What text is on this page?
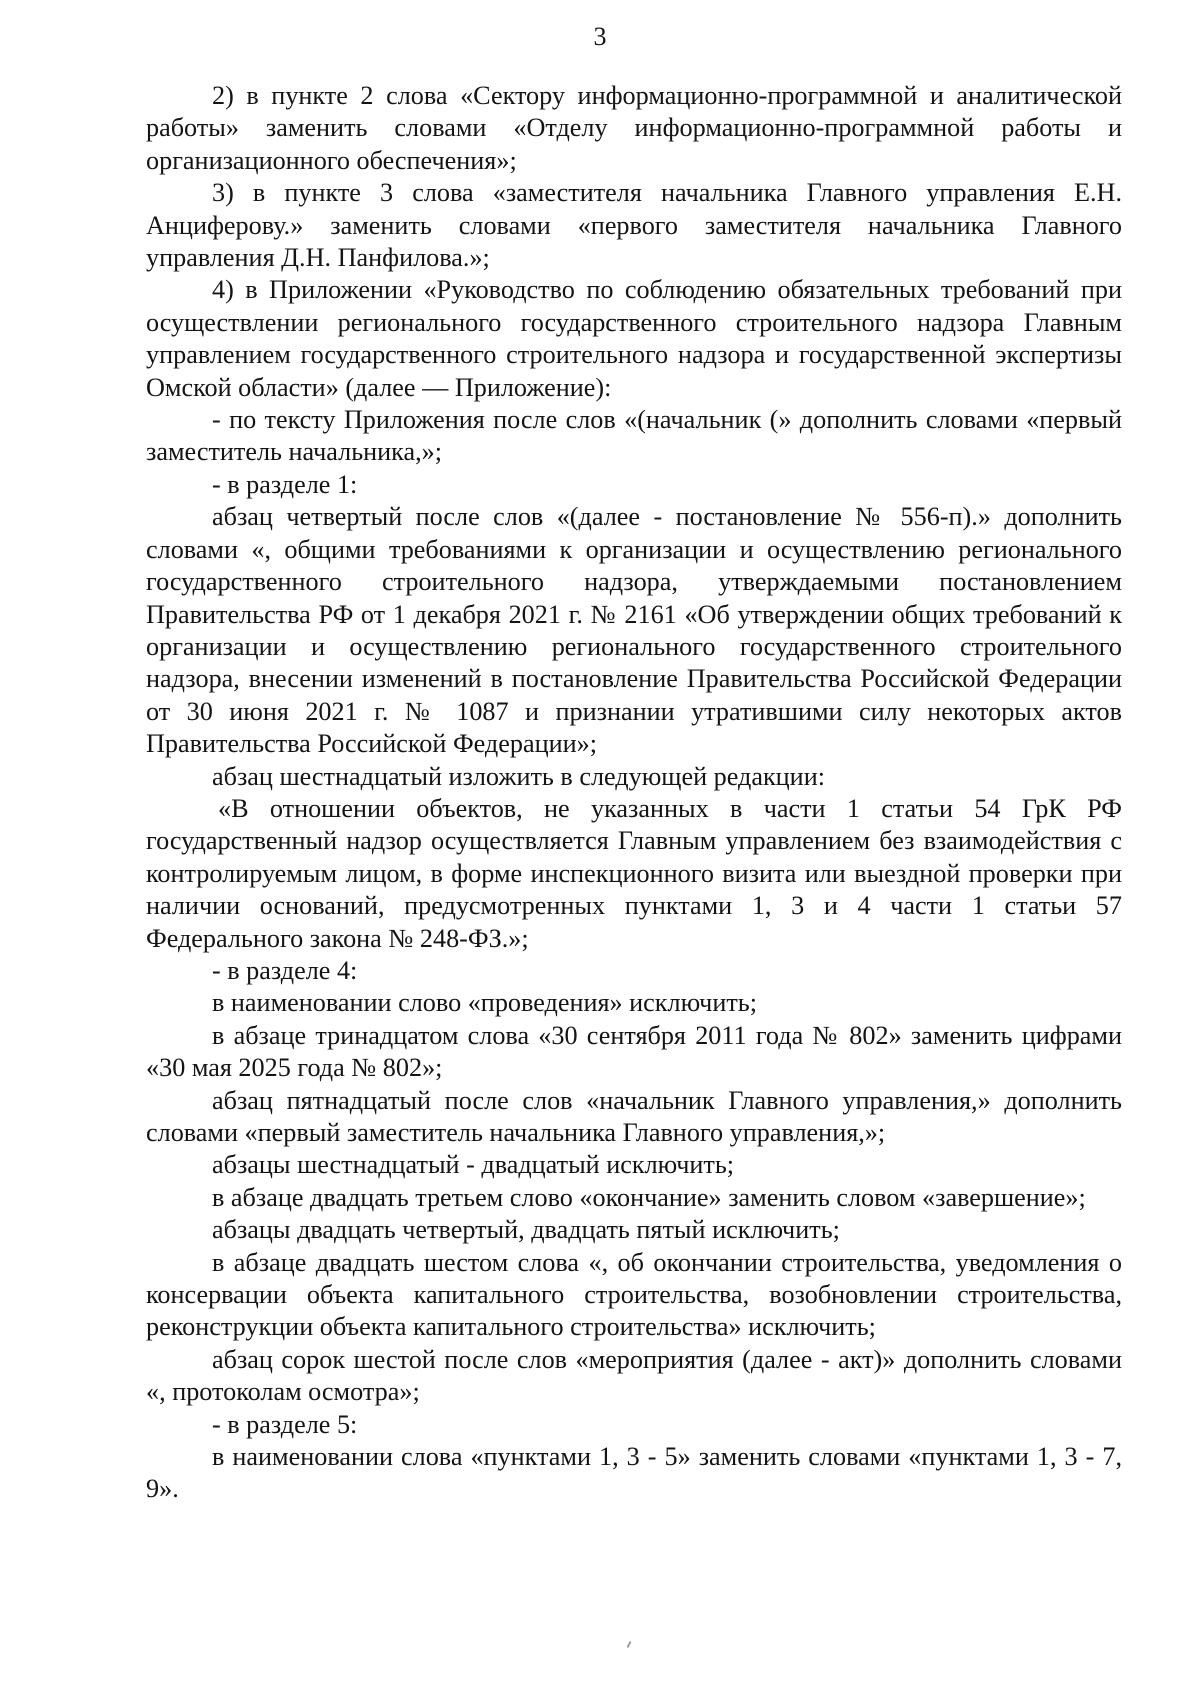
3

2) в пункте 2 слова «Сектору информационно-программной и аналитической работы» заменить словами «Отделу информационно-программной работы и организационного обеспечения»;

3) в пункте 3 слова «заместителя начальника Главного управления Е.Н. Анциферову.» заменить словами «первого заместителя начальника Главного управления Д.Н. Панфилова.»;

4) в Приложении «Руководство по соблюдению обязательных требований при осуществлении регионального государственного строительного надзора Главным управлением государственного строительного надзора и государственной экспертизы Омской области» (далее — Приложение):

- по тексту Приложения после слов «(начальник (» дополнить словами «первый заместитель начальника,»;

- в разделе 1:

абзац четвертый после слов «(далее - постановление № 556-п).» дополнить словами «, общими требованиями к организации и осуществлению регионального государственного строительного надзора, утверждаемыми постановлением Правительства РФ от 1 декабря 2021 г. № 2161 «Об утверждении общих требований к организации и осуществлению регионального государственного строительного надзора, внесении изменений в постановление Правительства Российской Федерации от 30 июня 2021 г. № 1087 и признании утратившими силу некоторых актов Правительства Российской Федерации»;

абзац шестнадцатый изложить в следующей редакции:

«В отношении объектов, не указанных в части 1 статьи 54 ГрК РФ государственный надзор осуществляется Главным управлением без взаимодействия с контролируемым лицом, в форме инспекционного визита или выездной проверки при наличии оснований, предусмотренных пунктами 1, 3 и 4 части 1 статьи 57 Федерального закона № 248-ФЗ.»;

- в разделе 4:

в наименовании слово «проведения» исключить;

в абзаце тринадцатом слова «30 сентября 2011 года № 802» заменить цифрами «30 мая 2025 года № 802»;

абзац пятнадцатый после слов «начальник Главного управления,» дополнить словами «первый заместитель начальника Главного управления,»;

абзацы шестнадцатый - двадцатый исключить;

в абзаце двадцать третьем слово «окончание» заменить словом «завершение»;

абзацы двадцать четвертый, двадцать пятый исключить;

в абзаце двадцать шестом слова «, об окончании строительства, уведомления о консервации объекта капитального строительства, возобновлении строительства, реконструкции объекта капитального строительства» исключить;

абзац сорок шестой после слов «мероприятия (далее - акт)» дополнить словами «, протоколам осмотра»;

- в разделе 5:

в наименовании слова «пунктами 1, 3 - 5» заменить словами «пунктами 1, 3 - 7, 9».
